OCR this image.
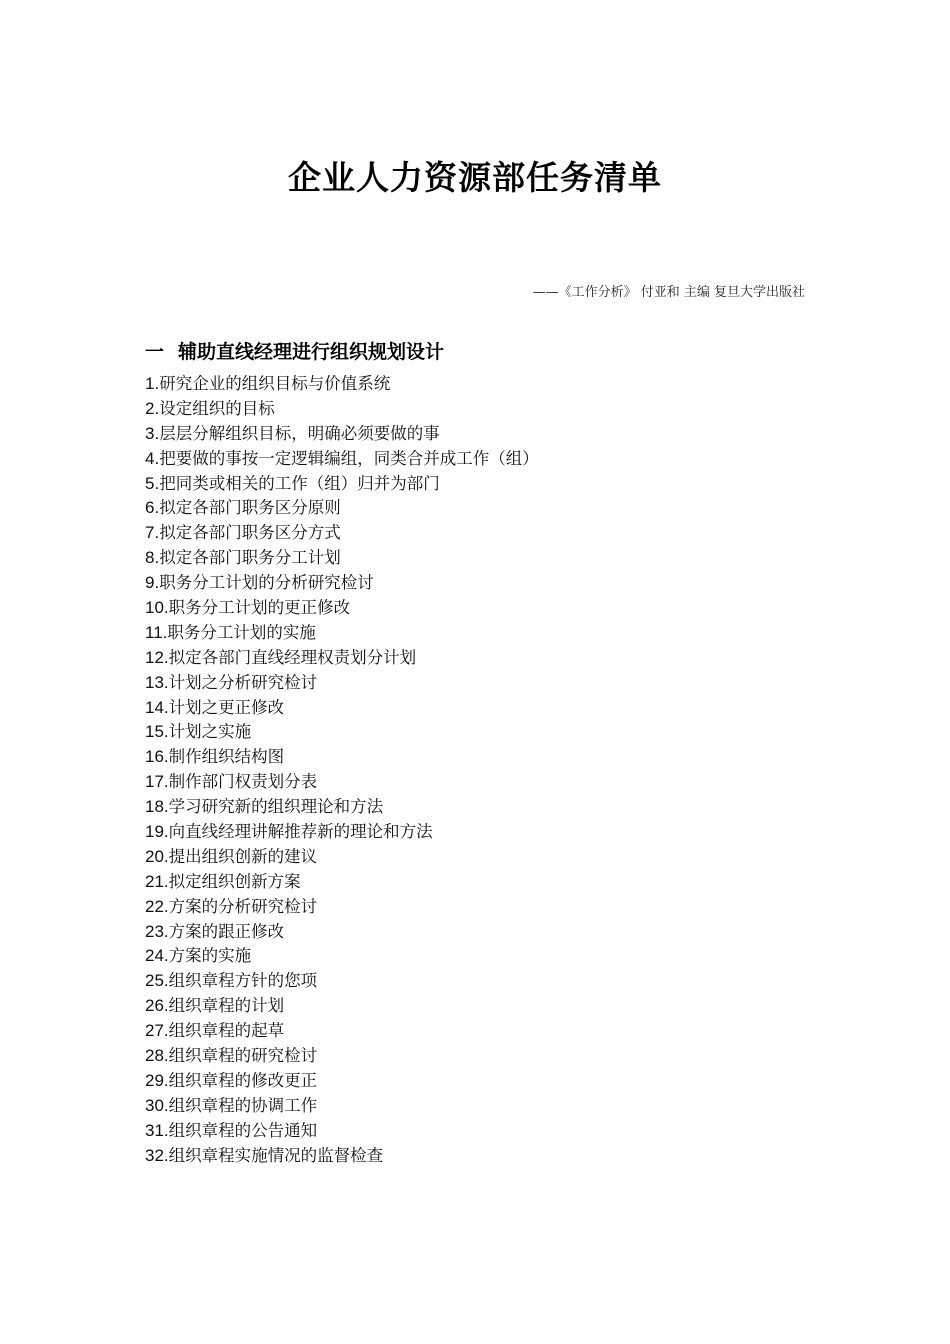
企业人力资源部任务清单
——《工作分析》 付亚和 主编 复旦大学出版社
一 辅助直线经理进行组织规划设计
1.研究企业的组织目标与价值系统
2.设定组织的目标
3.层层分解组织目标，明确必须要做的事
4.把要做的事按一定逻辑编组，同类合并成工作（组）
5.把同类或相关的工作（组）归并为部门
6.拟定各部门职务区分原则
7.拟定各部门职务区分方式
8.拟定各部门职务分工计划
9.职务分工计划的分析研究检讨
10.职务分工计划的更正修改
11.职务分工计划的实施
12.拟定各部门直线经理权责划分计划
13.计划之分析研究检讨
14.计划之更正修改
15.计划之实施
16.制作组织结构图
17.制作部门权责划分表
18.学习研究新的组织理论和方法
19.向直线经理讲解推荐新的理论和方法
20.提出组织创新的建议
21.拟定组织创新方案
22.方案的分析研究检讨
23.方案的跟正修改
24.方案的实施
25.组织章程方针的您项
26.组织章程的计划
27.组织章程的起草
28.组织章程的研究检讨
29.组织章程的修改更正
30.组织章程的协调工作
31.组织章程的公告通知
32.组织章程实施情况的监督检查
